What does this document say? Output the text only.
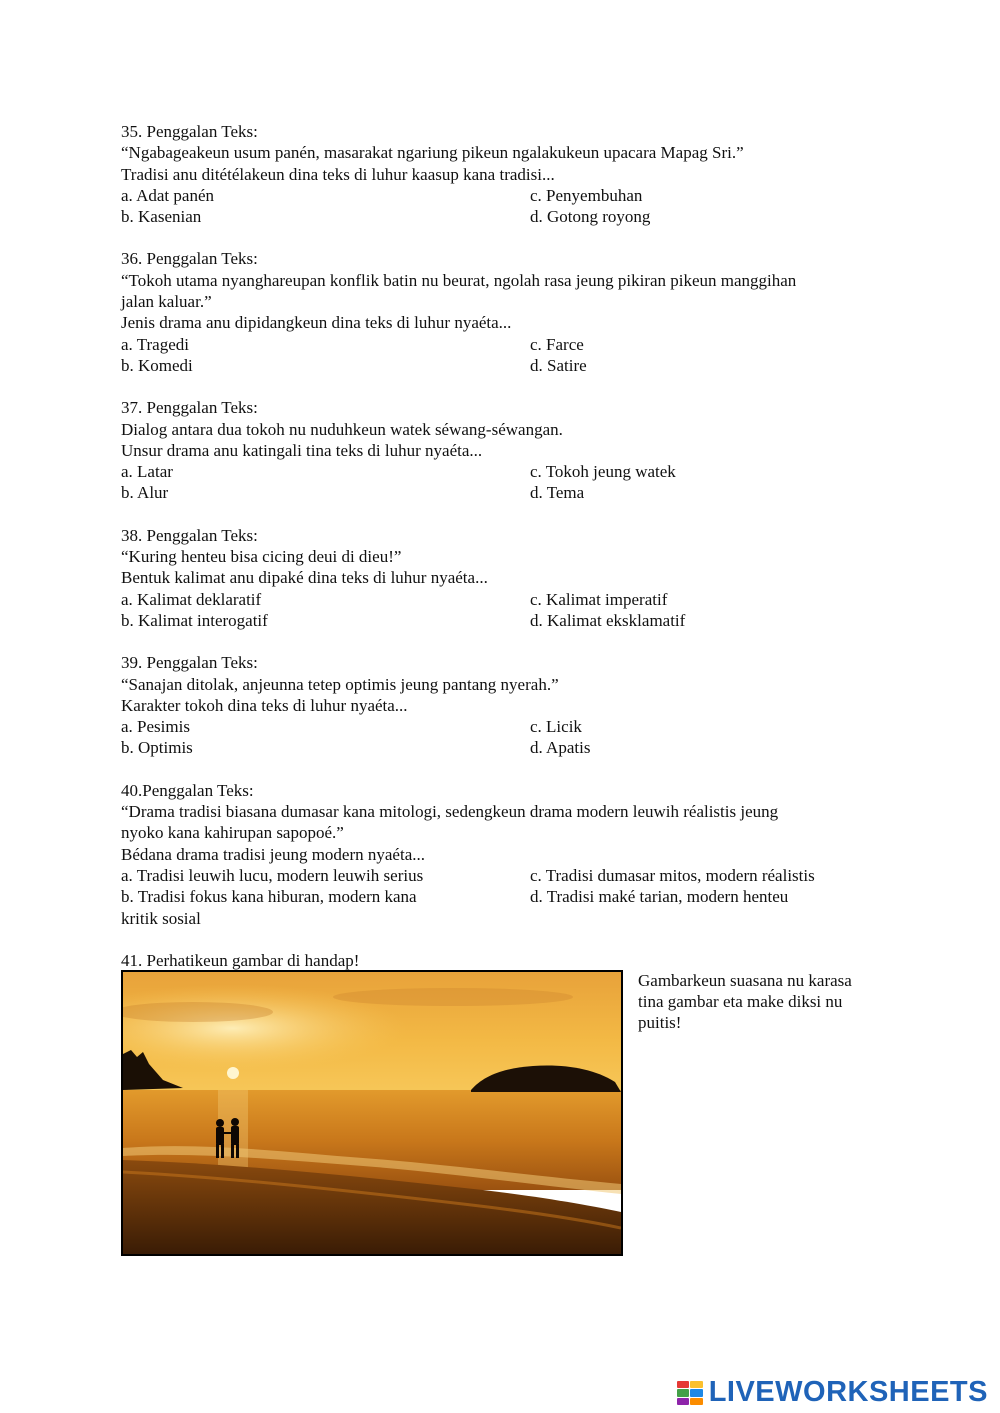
35. Penggalan Teks:
“Ngabageakeun usum panén, masarakat ngariung pikeun ngalakukeun upacara Mapag Sri.”
Tradisi anu ditétélakeun dina teks di luhur kaasup kana tradisi...
a. Adat panén	c. Penyembuhan
b. Kasenian	d. Gotong royong
36. Penggalan Teks:
“Tokoh utama nyanghareupan konflik batin nu beurat, ngolah rasa jeung pikiran pikeun manggihan
jalan kaluar.”
Jenis drama anu dipidangkeun dina teks di luhur nyaéta...
a. Tragedi	c. Farce
b. Komedi	d. Satire
37. Penggalan Teks:
Dialog antara dua tokoh nu nuduhkeun watek séwang-séwangan.
Unsur drama anu katingali tina teks di luhur nyaéta...
a. Latar	c. Tokoh jeung watek
b. Alur	d. Tema
38. Penggalan Teks:
“Kuring henteu bisa cicing deui di dieu!”
Bentuk kalimat anu dipaké dina teks di luhur nyaéta...
a. Kalimat deklaratif	c. Kalimat imperatif
b. Kalimat interogatif	d. Kalimat eksklamatif
39. Penggalan Teks:
“Sanajan ditolak, anjeunna tetep optimis jeung pantang nyerah.”
Karakter tokoh dina teks di luhur nyaéta...
a. Pesimis	c. Licik
b. Optimis	d. Apatis
40.Penggalan Teks:
“Drama tradisi biasana dumasar kana mitologi, sedengkeun drama modern leuwih réalistis jeung
nyoko kana kahirupan sapopoé.”
Bédana drama tradisi jeung modern nyaéta...
a. Tradisi leuwih lucu, modern leuwih serius	c. Tradisi dumasar mitos, modern réalistis
b. Tradisi fokus kana hiburan, modern kana	d. Tradisi maké tarian, modern henteu
kritik sosial
41. Perhatikeun gambar di handap!
Gambarkeun suasana nu karasa
tina gambar eta make diksi nu
puitis!
LIVEWORKSHEETS
